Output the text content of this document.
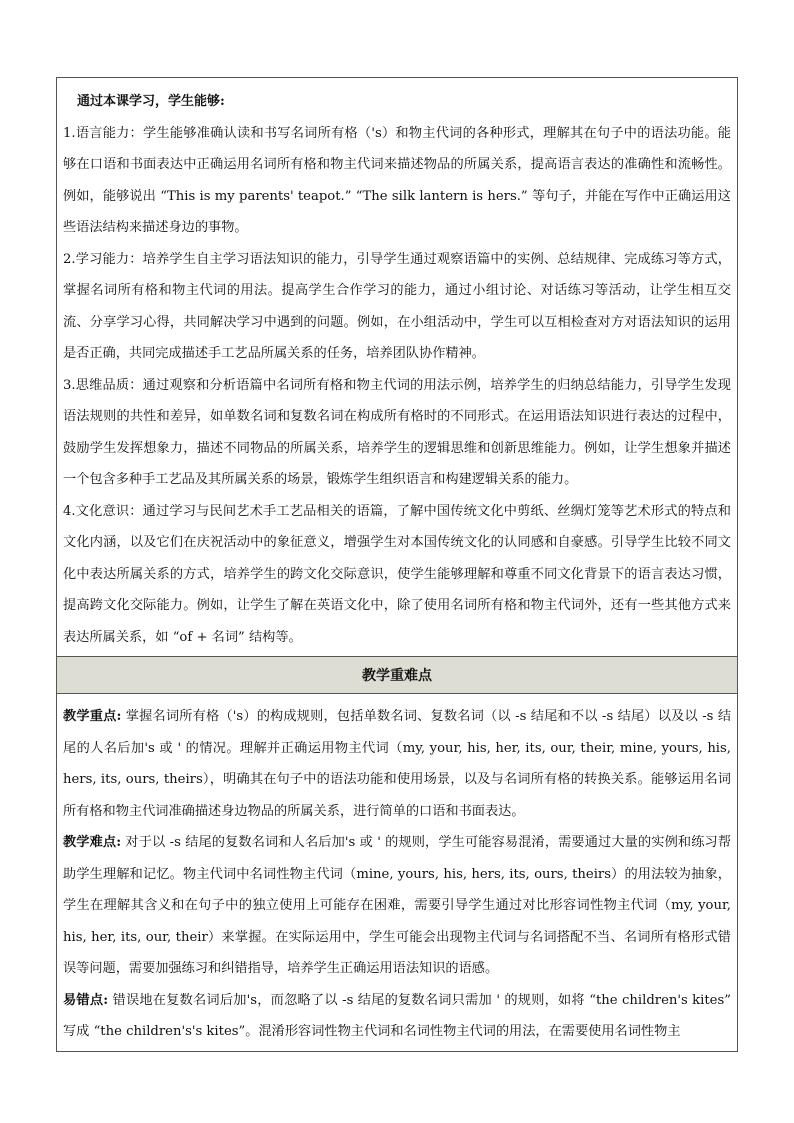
通过本课学习，学生能够:

1.语言能力：学生能够准确认读和书写名词所有格（'s）和物主代词的各种形式，理解其在句子中的语法功能。能够在口语和书面表达中正确运用名词所有格和物主代词来描述物品的所属关系，提高语言表达的准确性和流畅性。例如，能够说出 “This is my parents' teapot.” “The silk lantern is hers.” 等句子，并能在写作中正确运用这些语法结构来描述身边的事物。

2.学习能力：培养学生自主学习语法知识的能力，引导学生通过观察语篇中的实例、总结规律、完成练习等方式，掌握名词所有格和物主代词的用法。提高学生合作学习的能力，通过小组讨论、对话练习等活动，让学生相互交流、分享学习心得，共同解决学习中遇到的问题。例如，在小组活动中，学生可以互相检查对方对语法知识的运用是否正确，共同完成描述手工艺品所属关系的任务，培养团队协作精神。

3.思维品质：通过观察和分析语篇中名词所有格和物主代词的用法示例，培养学生的归纳总结能力，引导学生发现语法规则的共性和差异，如单数名词和复数名词在构成所有格时的不同形式。在运用语法知识进行表达的过程中，鼓励学生发挥想象力，描述不同物品的所属关系，培养学生的逻辑思维和创新思维能力。例如，让学生想象并描述一个包含多种手工艺品及其所属关系的场景，锻炼学生组织语言和构建逻辑关系的能力。

4.文化意识：通过学习与民间艺术手工艺品相关的语篇，了解中国传统文化中剪纸、丝绸灯笼等艺术形式的特点和文化内涵，以及它们在庆祝活动中的象征意义，增强学生对本国传统文化的认同感和自豪感。引导学生比较不同文化中表达所属关系的方式，培养学生的跨文化交际意识，使学生能够理解和尊重不同文化背景下的语言表达习惯，提高跨文化交际能力。例如，让学生了解在英语文化中，除了使用名词所有格和物主代词外，还有一些其他方式来表达所属关系，如 “of + 名词” 结构等。

教学重难点

教学重点: 掌握名词所有格（'s）的构成规则，包括单数名词、复数名词（以 -s 结尾和不以 -s 结尾）以及以 -s 结尾的人名后加's 或 ' 的情况。理解并正确运用物主代词（my, your, his, her, its, our, their, mine, yours, his, hers, its, ours, theirs），明确其在句子中的语法功能和使用场景，以及与名词所有格的转换关系。能够运用名词所有格和物主代词准确描述身边物品的所属关系，进行简单的口语和书面表达。

教学难点: 对于以 -s 结尾的复数名词和人名后加's 或 ' 的规则，学生可能容易混淆，需要通过大量的实例和练习帮助学生理解和记忆。物主代词中名词性物主代词（mine, yours, his, hers, its, ours, theirs）的用法较为抽象，学生在理解其含义和在句子中的独立使用上可能存在困难，需要引导学生通过对比形容词性物主代词（my, your, his, her, its, our, their）来掌握。在实际运用中，学生可能会出现物主代词与名词搭配不当、名词所有格形式错误等问题，需要加强练习和纠错指导，培养学生正确运用语法知识的语感。

易错点: 错误地在复数名词后加's，而忽略了以 -s 结尾的复数名词只需加 ' 的规则，如将 “the children's kites” 写成 “the children's's kites”。混淆形容词性物主代词和名词性物主代词的用法，在需要使用名词性物主
